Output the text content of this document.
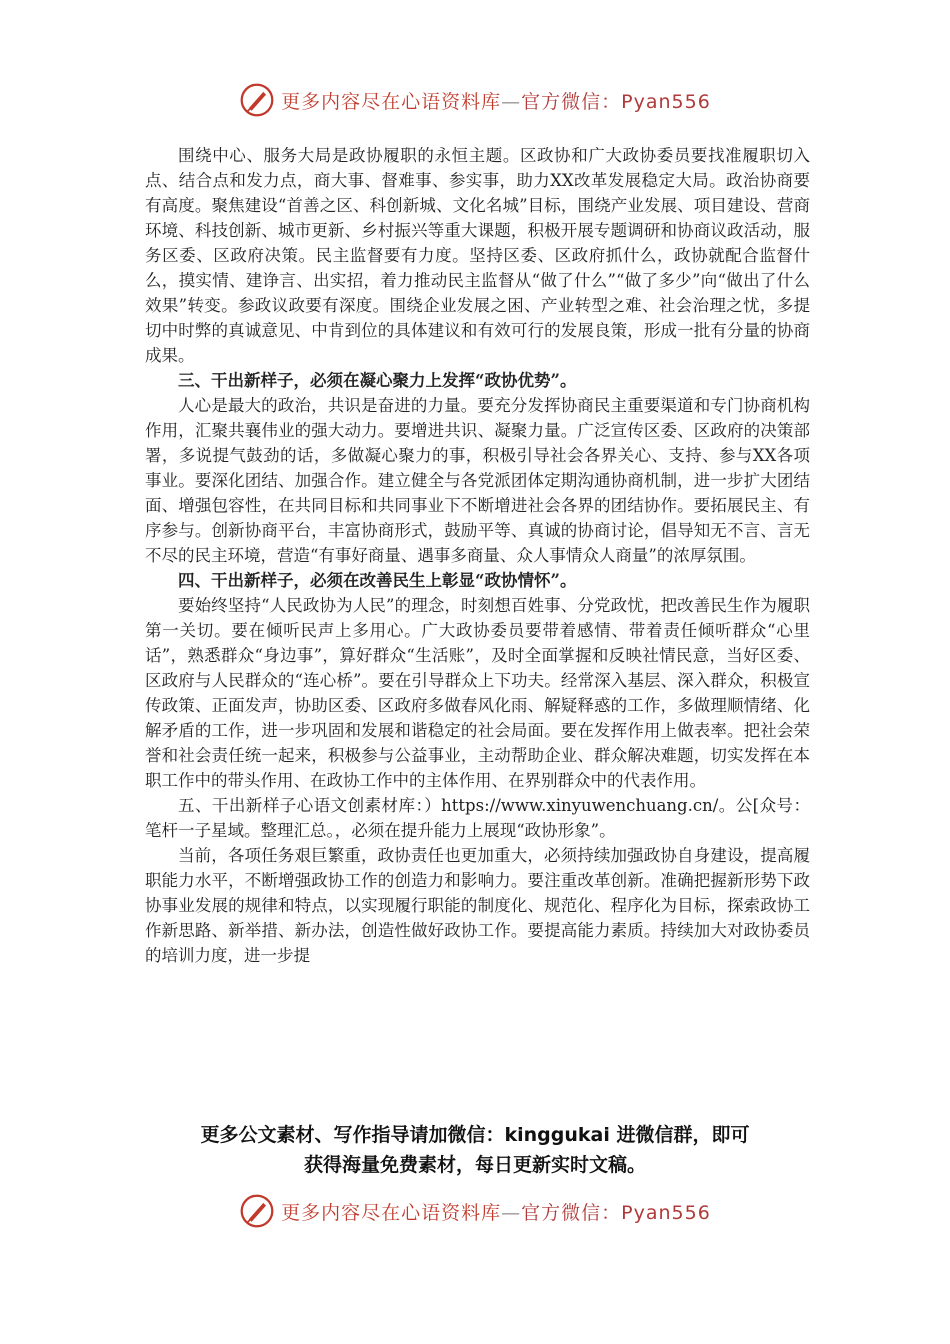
更多内容尽在心语资料库—官方微信：Pyan556

围绕中心、服务大局是政协履职的永恒主题。区政协和广大政协委员要找准履职切入点、结合点和发力点，商大事、督难事、参实事，助力XX改革发展稳定大局。政治协商要有高度。聚焦建设“首善之区、科创新城、文化名城”目标，围绕产业发展、项目建设、营商环境、科技创新、城市更新、乡村振兴等重大课题，积极开展专题调研和协商议政活动，服务区委、区政府决策。民主监督要有力度。坚持区委、区政府抓什么，政协就配合监督什么，摸实情、建诤言、出实招，着力推动民主监督从“做了什么”“做了多少”向“做出了什么效果”转变。参政议政要有深度。围绕企业发展之困、产业转型之难、社会治理之忧，多提切中时弊的真诚意见、中肯到位的具体建议和有效可行的发展良策，形成一批有分量的协商成果。

三、干出新样子，必须在凝心聚力上发挥“政协优势”。

人心是最大的政治，共识是奋进的力量。要充分发挥协商民主重要渠道和专门协商机构作用，汇聚共襄伟业的强大动力。要增进共识、凝聚力量。广泛宣传区委、区政府的决策部署，多说提气鼓劲的话，多做凝心聚力的事，积极引导社会各界关心、支持、参与XX各项事业。要深化团结、加强合作。建立健全与各党派团体定期沟通协商机制，进一步扩大团结面、增强包容性，在共同目标和共同事业下不断增进社会各界的团结协作。要拓展民主、有序参与。创新协商平台，丰富协商形式，鼓励平等、真诚的协商讨论，倡导知无不言、言无不尽的民主环境，营造“有事好商量、遇事多商量、众人事情众人商量”的浓厚氛围。

四、干出新样子，必须在改善民生上彰显“政协情怀”。

要始终坚持“人民政协为人民”的理念，时刻想百姓事、分党政忧，把改善民生作为履职第一关切。要在倾听民声上多用心。广大政协委员要带着感情、带着责任倾听群众“心里话”，熟悉群众“身边事”，算好群众“生活账”，及时全面掌握和反映社情民意，当好区委、区政府与人民群众的“连心桥”。要在引导群众上下功夫。经常深入基层、深入群众，积极宣传政策、正面发声，协助区委、区政府多做春风化雨、解疑释惑的工作，多做理顺情绪、化解矛盾的工作，进一步巩固和发展和谐稳定的社会局面。要在发挥作用上做表率。把社会荣誉和社会责任统一起来，积极参与公益事业，主动帮助企业、群众解决难题，切实发挥在本职工作中的带头作用、在政协工作中的主体作用、在界别群众中的代表作用。

五、干出新样子心语文创素材库：）https://www.xinyuwenchuang.cn/。公[众号：笔杆一子星域。整理汇总。，必须在提升能力上展现“政协形象”。

当前，各项任务艰巨繁重，政协责任也更加重大，必须持续加强政协自身建设，提高履职能力水平，不断增强政协工作的创造力和影响力。要注重改革创新。准确把握新形势下政协事业发展的规律和特点，以实现履行职能的制度化、规范化、程序化为目标，探索政协工作新思路、新举措、新办法，创造性做好政协工作。要提高能力素质。持续加大对政协委员的培训力度，进一步提

更多公文素材、写作指导请加微信：kinggukai 进微信群，即可
获得海量免费素材，每日更新实时文稿。
更多内容尽在心语资料库—官方微信：Pyan556
